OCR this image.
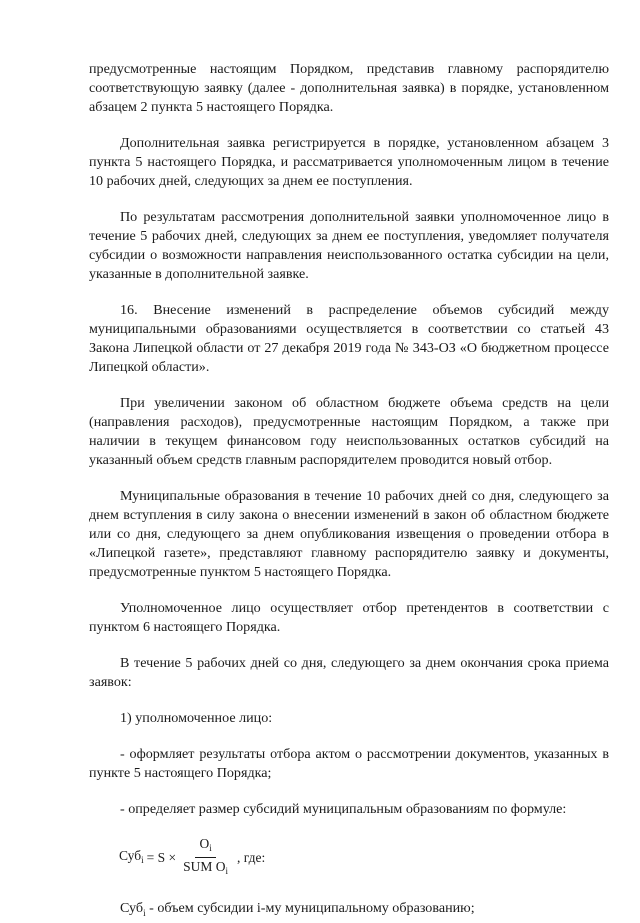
предусмотренные настоящим Порядком, представив главному распорядителю соответствующую заявку (далее - дополнительная заявка) в порядке, установленном абзацем 2 пункта 5 настоящего Порядка.

Дополнительная заявка регистрируется в порядке, установленном абзацем 3 пункта 5 настоящего Порядка, и рассматривается уполномоченным лицом в течение 10 рабочих дней, следующих за днем ее поступления.

По результатам рассмотрения дополнительной заявки уполномоченное лицо в течение 5 рабочих дней, следующих за днем ее поступления, уведомляет получателя субсидии о возможности направления неиспользованного остатка субсидии на цели, указанные в дополнительной заявке.

16. Внесение изменений в распределение объемов субсидий между муниципальными образованиями осуществляется в соответствии со статьей 43 Закона Липецкой области от 27 декабря 2019 года № 343-ОЗ «О бюджетном процессе Липецкой области».

При увеличении законом об областном бюджете объема средств на цели (направления расходов), предусмотренные настоящим Порядком, а также при наличии в текущем финансовом году неиспользованных остатков субсидий на указанный объем средств главным распорядителем проводится новый отбор.

Муниципальные образования в течение 10 рабочих дней со дня, следующего за днем вступления в силу закона о внесении изменений в закон об областном бюджете или со дня, следующего за днем опубликования извещения о проведении отбора в «Липецкой газете», представляют главному распорядителю заявку и документы, предусмотренные пунктом 5 настоящего Порядка.

Уполномоченное лицо осуществляет отбор претендентов в соответствии с пунктом 6 настоящего Порядка.

В течение 5 рабочих дней со дня, следующего за днем окончания срока приема заявок:

1) уполномоченное лицо:

- оформляет результаты отбора актом о рассмотрении документов, указанных в пункте 5 настоящего Порядка;

- определяет размер субсидий муниципальным образованиям по формуле:

$Суб_i = S \times \frac{O_i}{SUM O_i}$ , где:

Суб$_i$ - объем субсидии i-му муниципальному образованию;
